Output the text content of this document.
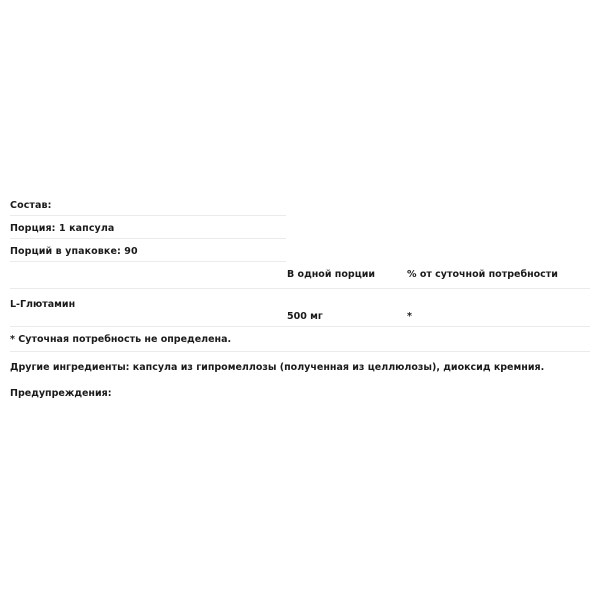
Состав:
Порция: 1 капсула
Порций в упаковке: 90
В одной порции	% от суточной потребности
L-Глютамин
500 мг	*
* Суточная потребность не определена.
Другие ингредиенты: капсула из гипромеллозы (полученная из целлюлозы), диоксид кремния.
Предупреждения:
